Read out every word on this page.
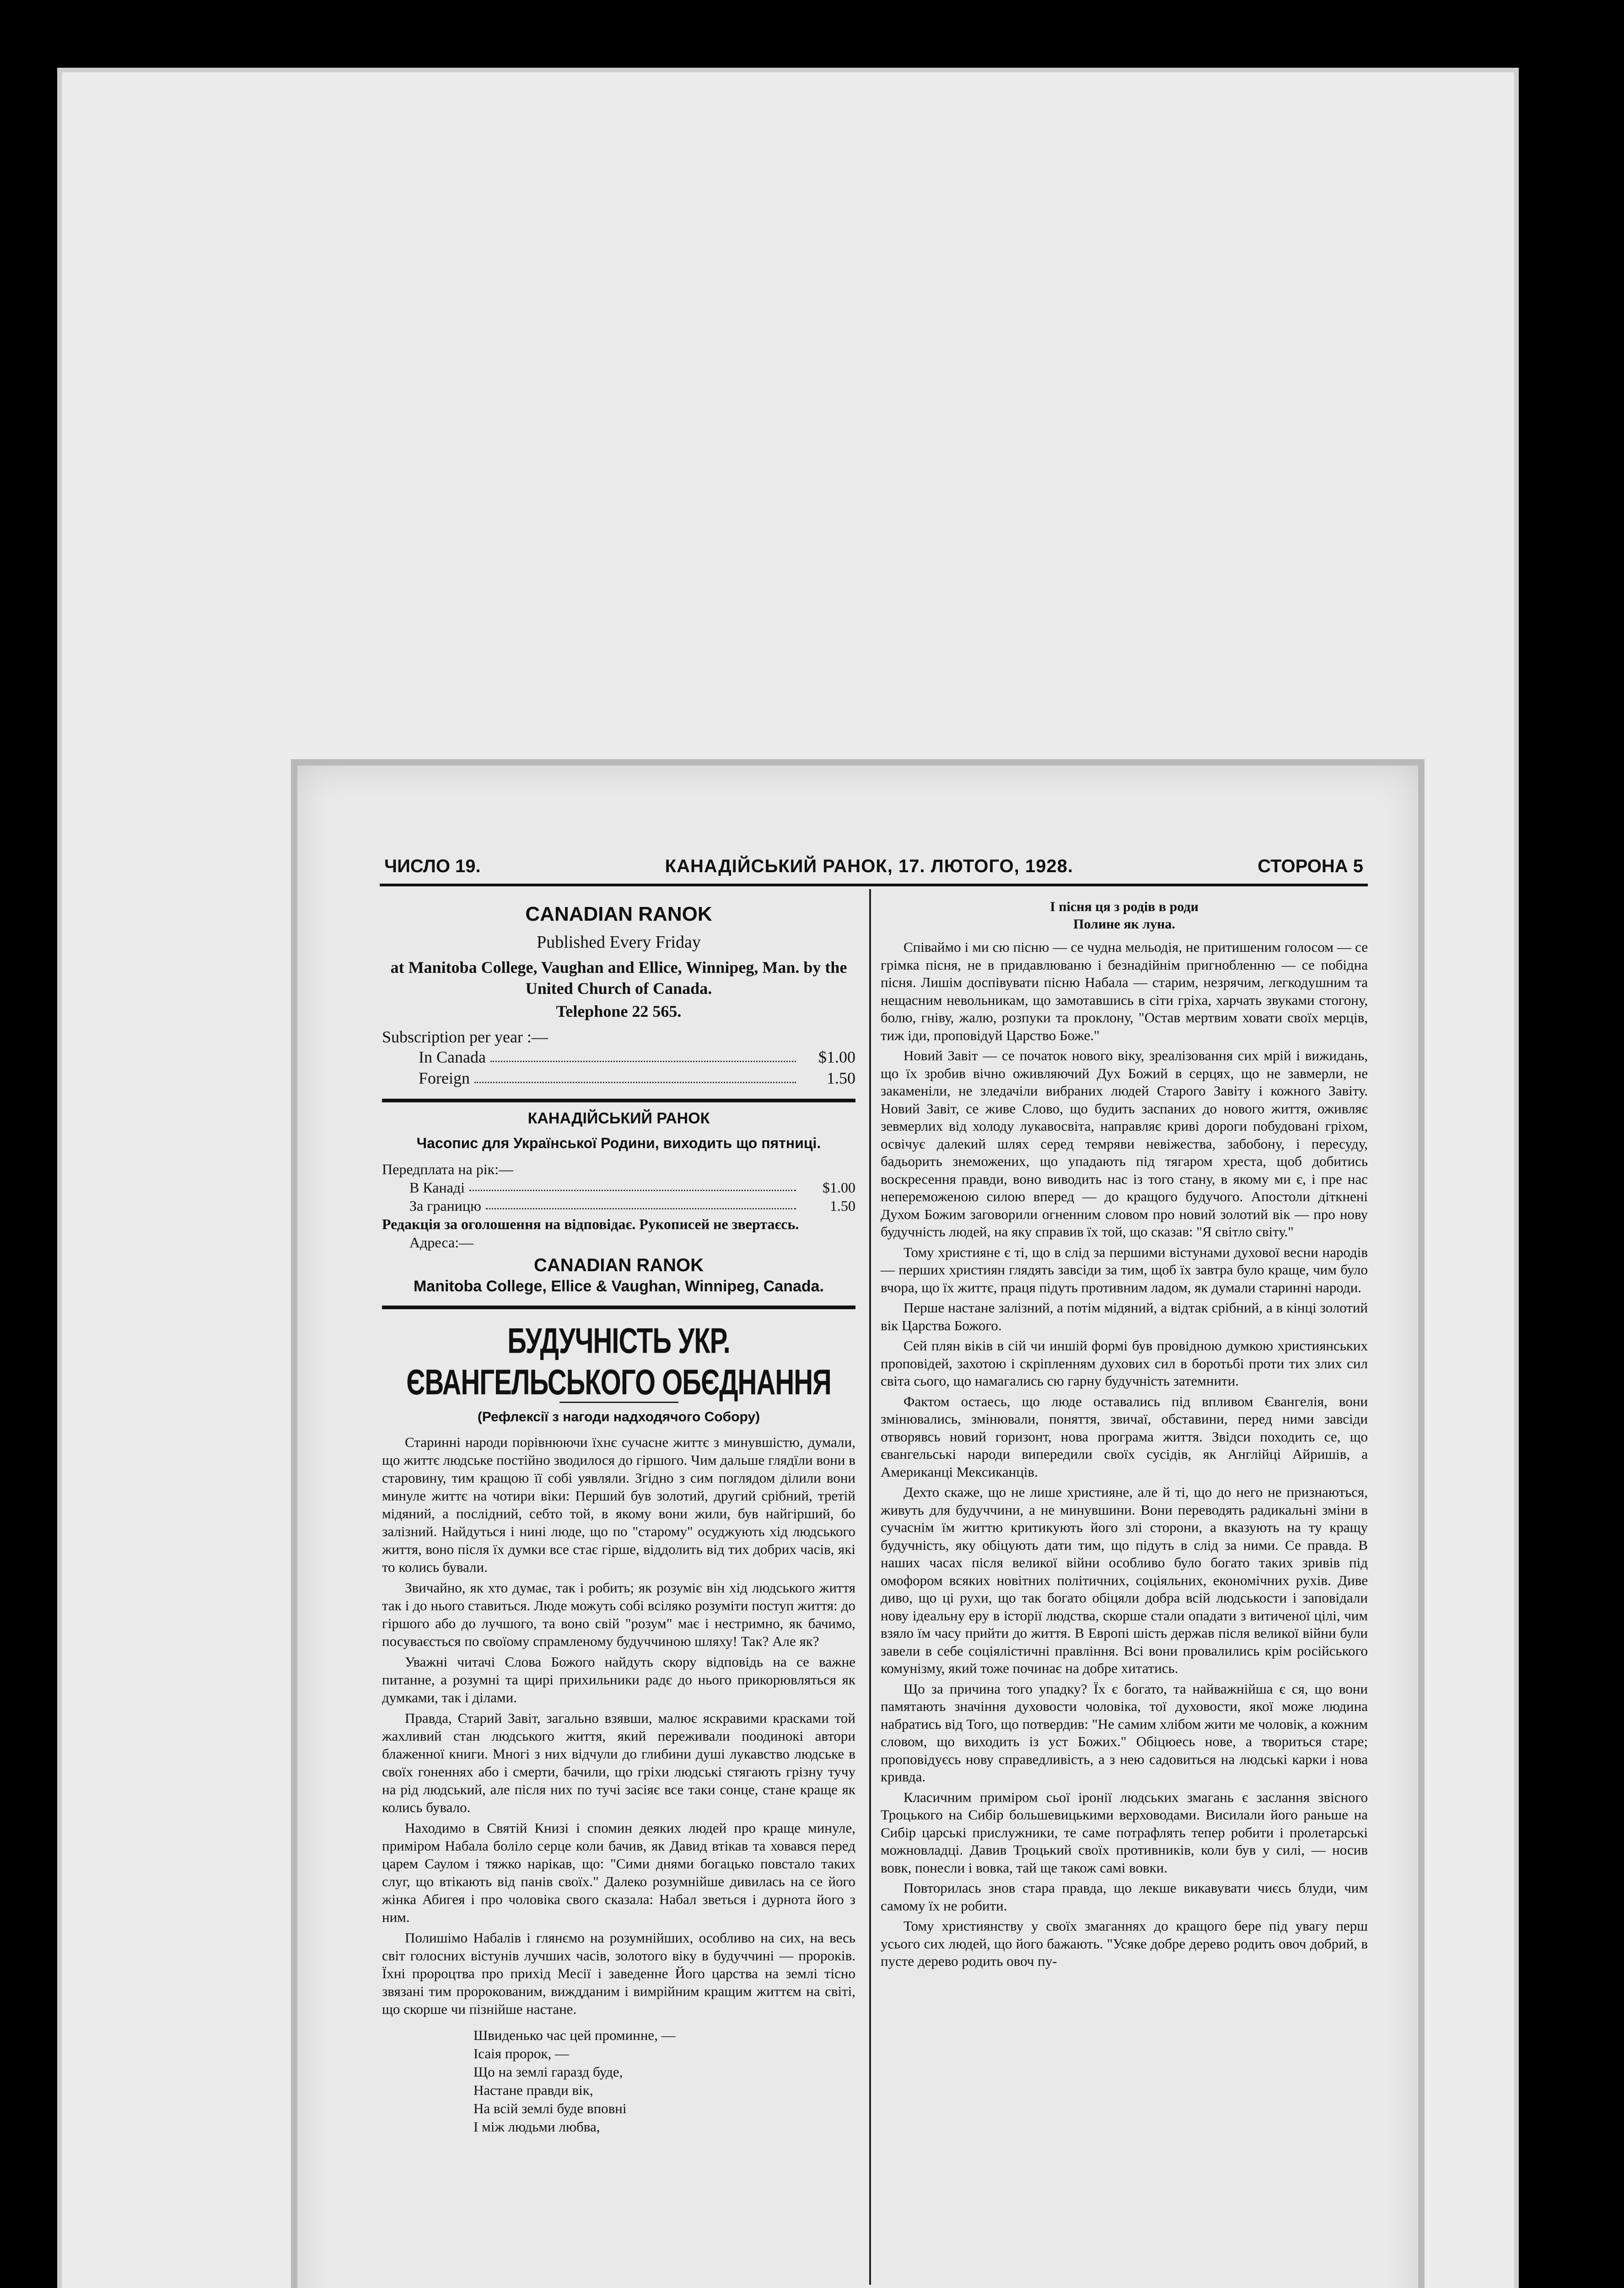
ЧИСЛО 19.	КАНАДІЙСЬКИЙ РАНОК, 17. ЛЮТОГО, 1928.	СТОРОНА 5
CANADIAN RANOK
Published Every Friday
at Manitoba College, Vaughan and Ellice, Winnipeg, Man. by the United Church of Canada.
Telephone 22 565.
Subscription per year :—
In Canada	$1.00
Foreign	1.50
КАНАДІЙСЬКИЙ РАНОК
Часопис для Української Родини, виходить що пятниці.
Передплата на рік:—
В Канаді	$1.00
За границю	1.50
Редакція за оголошення на відповідає. Рукописей не звертаєсь.
Адреса:—
CANADIAN RANOK
Manitoba College, Ellice & Vaughan, Winnipeg, Canada.
БУДУЧНІСТЬ УКР. ЄВАНГЕЛЬСЬКОГО ОБЄДНАННЯ
(Рефлексії з нагоди надходячого Собору)

Старинні народи порівнюючи їхнє сучасне життє з минувшістю, думали, що життє людське постійно зводилося до гіршого. Чим дальше глядїли вони в старовину, тим кращою її собі уявляли. Згідно з сим поглядом ділили вони минуле життє на чотири віки: Перший був золотий, другий срібний, третій мідяний, а послідний, себто той, в якому вони жили, був найгірший, бо залізний. Найдуться і нині люде, що по "старому" осуджують хід людського життя, воно після їх думки все стає гірше, віддолить від тих добрих часів, які то колись бували.

Звичайно, як хто думає, так і робить; як розуміє він хід людського життя так і до нього ставиться. Люде можуть собі всіляко розуміти поступ життя: до гіршого або до лучшого, та воно свій "розум" має і нестримно, як бачимо, посуваєсться по своїому спрамленому будуччиною шляху! Так? Але як?

Уважні читачі Слова Божого найдуть скору відповідь на се важне питанне, а розумні та щирі прихильники радє до нього прикорювляться як думками, так і ділами.

Правда, Старий Завіт, загально взявши, малює яскравими красками той жахливий стан людського життя, який переживали поодинокі автори блаженної книги. Многі з них відчули до глибини душі лукавство людське в своїх гоненнях або і смерти, бачили, що гріхи людські стягають грізну тучу на рід людський, але після них по тучі засіяє все таки сонце, стане краще як колись бувало.

Находимо в Святій Книзі і спомин деяких людей про краще минуле, приміром Набала боліло серце коли бачив, як Давид втікав та ховався перед царем Саулом і тяжко нарікав, що: "Сими днями богацько повстало таких слуг, що втікають від панів своїх." Далеко розумнійше дивилась на се його жінка Абигея і про чоловіка свого сказала: Набал зветься і дурнота його з ним.

Полишімо Набалів і глянємо на розумнійших, особливо на сих, на весь світ голосних вістунів лучших часів, золотого віку в будуччині — пророків. Їхні пророцтва про прихід Месії і заведенне Його царства на землі тісно звязані тим пророкованим, виждданим і вимрійним кращим життєм на світі, що скорше чи пізнійше настане.

Швиденько час цей проминне, —
Ісаія пророк, —
Що на землі гаразд буде,
Настане правди вік,
На всій землі буде вповні
І між людьми любва,
І пісня ця з родів в роди
Полине як луна.

Співаймо і ми сю пісню — се чудна мельодія, не притишеним голосом — се грімка пісня, не в придавлюваню і безнадійнім пригнобленню — се побідна пісня. Лишім доспівувати пісню Набала — старим, незрячим, легкодушним та нещасним невольникам, що замотавшись в сіти гріха, харчать звуками стогону, болю, гніву, жалю, розпуки та проклону, "Остав мертвим ховати своїх мерців, тиж іди, проповідуй Царство Боже."

Новий Завіт — се початок нового віку, зреалізовання сих мрій і вижидань, що їх зробив вічно оживляючий Дух Божий в серцях, що не завмерли, не закаменіли, не зледачіли вибраних людей Старого Завіту і кожного Завіту. Новий Завіт, се живе Слово, що будить заспаних до нового життя, оживляє зевмерлих від холоду лукавосвіта, направляє криві дороги побудовані гріхом, освічує далекий шлях серед темряви невіжества, забобону, і пересуду, бадьорить знеможених, що упадають під тягаром хреста, щоб добитись воскресення правди, воно виводить нас із того стану, в якому ми є, і пре нас непереможеною силою вперед — до кращого будучого. Апостоли діткнені Духом Божим заговорили огненним словом про новий золотий вік — про нову будучність людей, на яку справив їх той, що сказав: "Я світло світу."

Тому християне є ті, що в слід за першими вістунами духової весни народів — перших християн глядять завсіди за тим, щоб їх завтра було краще, чим було вчора, що їх життє, праця підуть противним ладом, як думали старинні народи.

Перше настане залізний, а потім мідяний, а відтак срібний, а в кінці золотий вік Царства Божого.

Сей плян віків в сій чи иншій формі був провідною думкою християнських проповідей, захотою і скріпленням духових сил в боротьбі проти тих злих сил світа сього, що намагались сю гарну будучність затемнити.

Фактом остаесь, що люде оставались під впливом Євангелія, вони змінювались, змінювали, поняття, звичаї, обставини, перед ними завсіди отворявсь новий горизонт, нова програма життя. Звідси походить се, що євангельські народи випередили своїх сусідів, як Англійці Айришів, а Американці Мексиканців.

Дехто скаже, що не лише християне, але й ті, що до него не признаються, живуть для будуччини, а не минувшини. Вони переводять радикальні зміни в сучаснім їм життю критикують його злі сторони, а вказують на ту кращу будучність, яку обіцують дати тим, що підуть в слід за ними. Се правда. В наших часах після великої війни особливо було богато таких зривів під омофором всяких новітних політичних, соціяльних, економічних рухів. Диве диво, що ці рухи, що так богато обіцяли добра всій людськости і заповідали нову ідеальну еру в історії людства, скорше стали опадати з витиченої цілі, чим взяло їм часу прийти до життя. В Европі шість держав після великої війни були завели в себе соціялістичні правління. Всі вони провалились крім російського комунізму, який тоже починає на добре хитатись.

Що за причина того упадку? Їх є богато, та найважнійша є ся, що вони памятають значіння духовости чоловіка, тої духовости, якої може людина набратись від Того, що потвердив: "Не самим хлібом жити ме чоловік, а кожним словом, що виходить із уст Божих." Обіцюесь нове, а твориться старе; проповідуєсь нову справедливість, а з нею садовиться на людські карки і нова кривда.

Класичним приміром сьої іронії людських змагань є заслання звісного Троцького на Сибір большевицькими верховодами. Висилали його раньше на Сибір царські прислужники, те саме потрафлять тепер робити і пролетарські можновладці. Давив Троцький своїх противників, коли був у силі, — носив вовк, понесли і вовка, тай ще також самі вовки.

Повторилась знов стара правда, що лекше викавувати чиєсь блуди, чим самому їх не робити.

Тому християнству у своїх змаганнях до кращого бере під увагу перш усього сих людей, що його бажають. "Усяке добре дерево родить овоч добрий, в пусте дерево родить овоч пу-
